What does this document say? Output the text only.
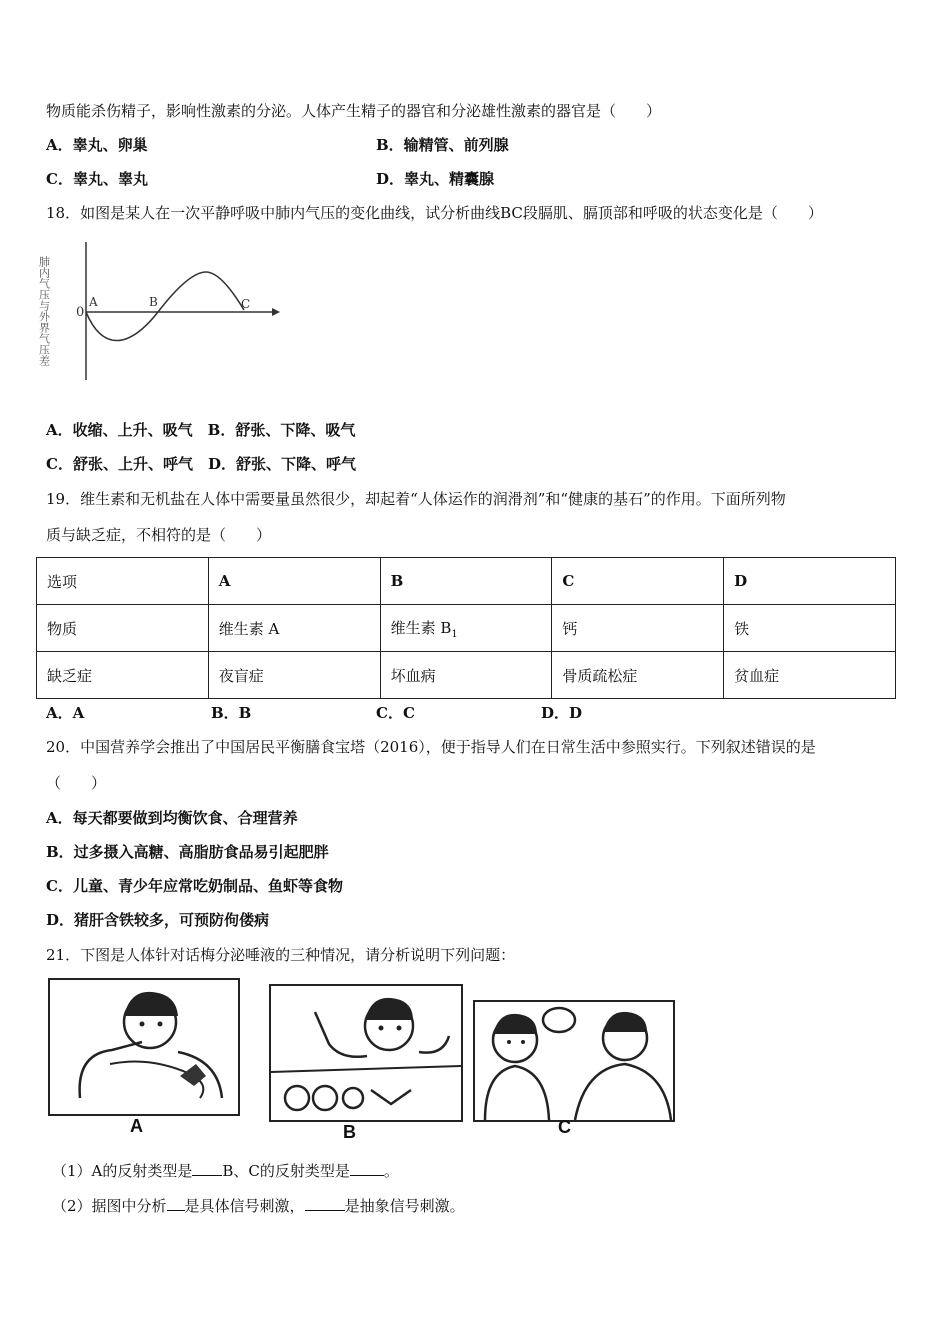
物质能杀伤精子，影响性激素的分泌。人体产生精子的器官和分泌雄性激素的器官是（　　）
A．睾丸、卵巢	B．输精管、前列腺
C．睾丸、睾丸	D．睾丸、精囊腺
18．如图是某人在一次平静呼吸中肺内气压的变化曲线，试分析曲线BC段膈肌、膈顶部和呼吸的状态变化是（　　）
肺内气压与外界气压差 0
A	B	C
A．收缩、上升、吸气　B．舒张、下降、吸气
C．舒张、上升、呼气　D．舒张、下降、呼气
19．维生素和无机盐在人体中需要量虽然很少，却起着“人体运作的润滑剂”和“健康的基石”的作用。下面所列物
质与缺乏症，不相符的是（　　）
选项	A	B	C	D
物质	维生素 A	维生素 $B_1$	钙	铁
缺乏症	夜盲症	坏血病	骨质疏松症	贫血症
A．A	B．B	C．C	D．D
20．中国营养学会推出了中国居民平衡膳食宝塔（2016），便于指导人们在日常生活中参照实行。下列叙述错误的是
（　　）
A．每天都要做到均衡饮食、合理营养
B．过多摄入高糖、高脂肪食品易引起肥胖
C．儿童、青少年应常吃奶制品、鱼虾等食物
D．猪肝含铁较多，可预防佝偻病
21．下图是人体针对话梅分泌唾液的三种情况，请分析说明下列问题：
A	B	C
（1）A的反射类型是 B、C的反射类型是 。
（2）据图中分析 是具体信号刺激，	是抽象信号刺激。
